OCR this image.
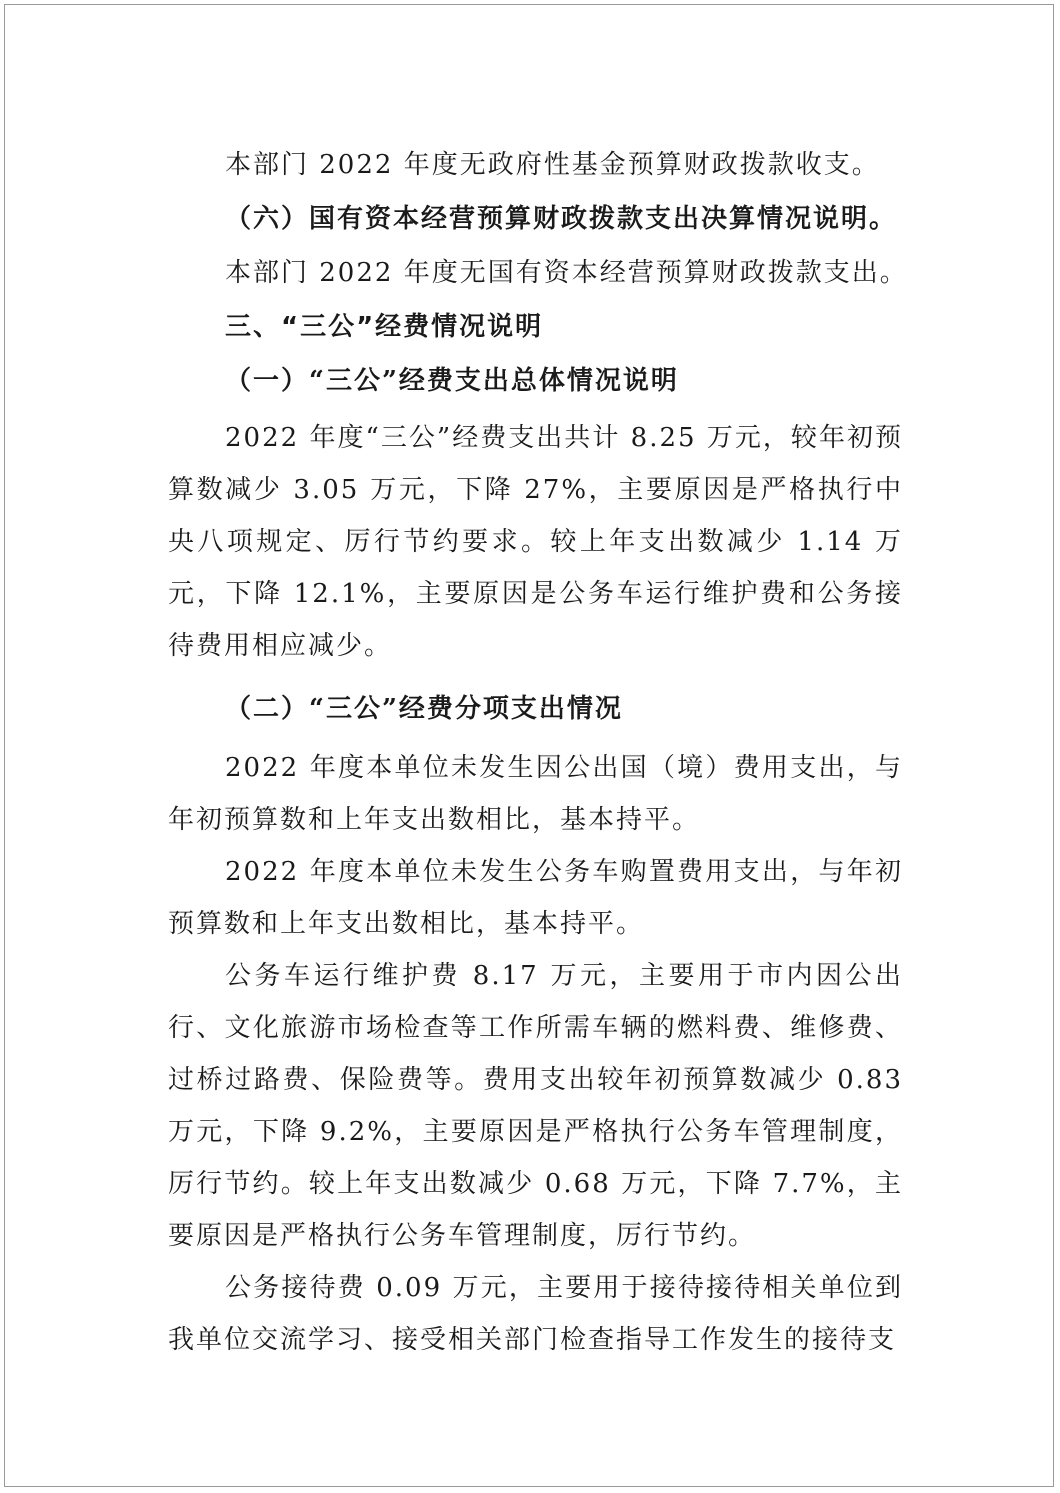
本部门 2022 年度无政府性基金预算财政拨款收支。

（六）国有资本经营预算财政拨款支出决算情况说明。

本部门 2022 年度无国有资本经营预算财政拨款支出。

三、“三公”经费情况说明

（一）“三公”经费支出总体情况说明

2022 年度“三公”经费支出共计 8.25 万元，较年初预算数减少 3.05 万元，下降 27%，主要原因是严格执行中央八项规定、厉行节约要求。较上年支出数减少 1.14 万元，下降 12.1%，主要原因是公务车运行维护费和公务接待费用相应减少。

（二）“三公”经费分项支出情况

2022 年度本单位未发生因公出国（境）费用支出，与年初预算数和上年支出数相比，基本持平。

2022 年度本单位未发生公务车购置费用支出，与年初预算数和上年支出数相比，基本持平。

公务车运行维护费 8.17 万元，主要用于市内因公出行、文化旅游市场检查等工作所需车辆的燃料费、维修费、过桥过路费、保险费等。费用支出较年初预算数减少 0.83 万元，下降 9.2%，主要原因是严格执行公务车管理制度，厉行节约。较上年支出数减少 0.68 万元，下降 7.7%，主要原因是严格执行公务车管理制度，厉行节约。

公务接待费 0.09 万元，主要用于接待接待相关单位到我单位交流学习、接受相关部门检查指导工作发生的接待支
